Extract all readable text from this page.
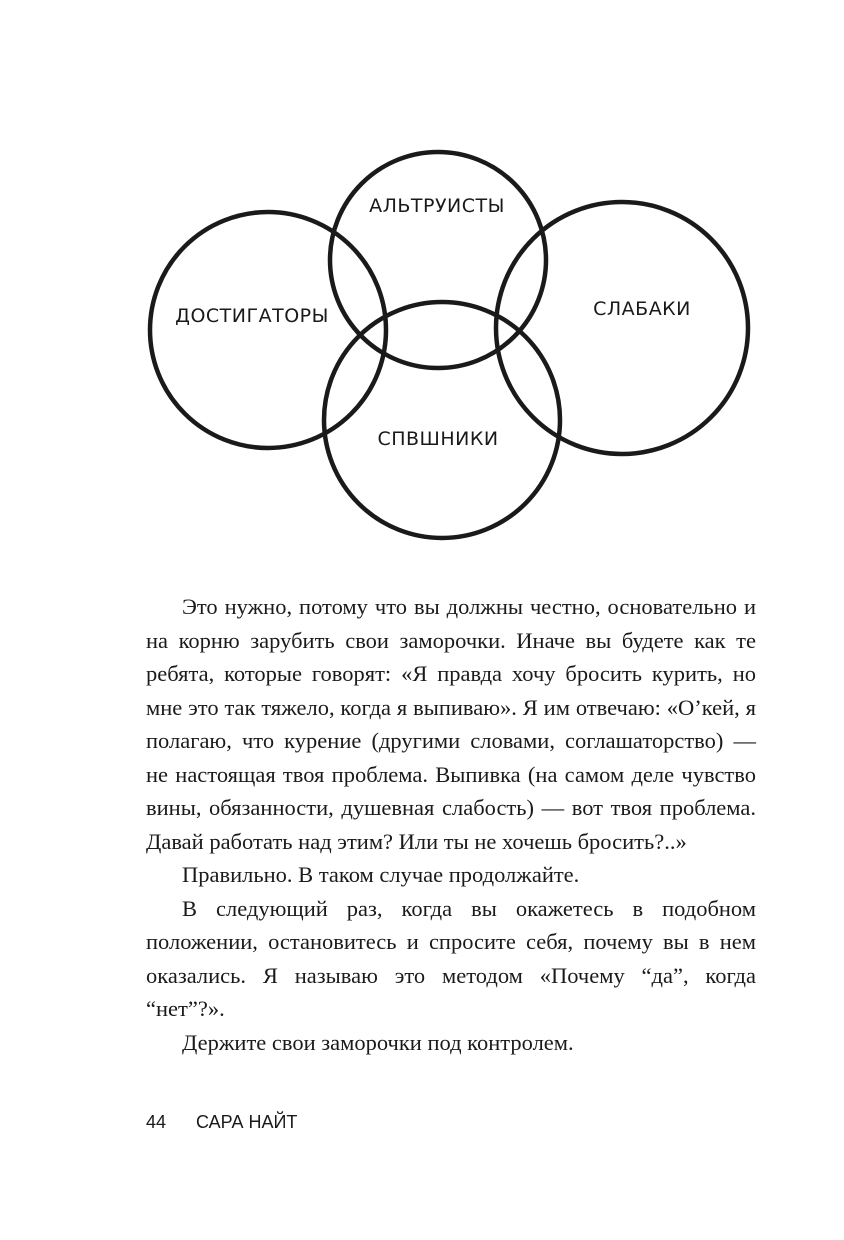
АЛЬТРУИСТЫ
ДОСТИГАТОРЫ	СЛАБАКИ
СПВШНИКИ

Это нужно, потому что вы должны честно, основательно и на корню зарубить свои заморочки. Иначе вы будете как те ребята, которые говорят: «Я правда хочу бросить курить, но мне это так тяжело, когда я выпиваю». Я им отвечаю: «О’кей, я полагаю, что курение (другими словами, соглашаторство) — не настоящая твоя проблема. Выпивка (на самом деле чувство вины, обязанности, душевная слабость) — вот твоя проблема. Давай работать над этим? Или ты не хочешь бросить?..»

Правильно. В таком случае продолжайте.

В следующий раз, когда вы окажетесь в подобном положении, остановитесь и спросите себя, почему вы в нем оказались. Я называю это методом «Почему “да”, когда “нет”?».

Держите свои заморочки под контролем.

44 САРА НАЙТ
